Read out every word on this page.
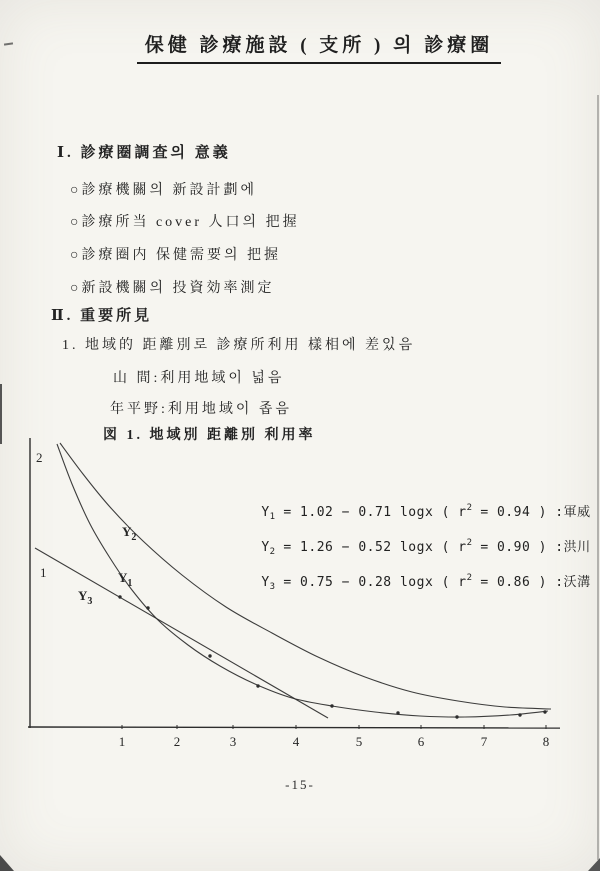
保健 診療施設 ( 支所 ) 의 診療圈
Ⅰ. 診療圈調査의 意義
○診療機關의 新設計劃에
○診療所当 cover 人口의 把握
○診療圈内 保健需要의 把握
○新設機關의 投資効率測定
Ⅱ. 重要所見
1. 地域的 距離別로 診療所利用 樣相에 差있음
山 間:利用地域이 넓음
年平野:利用地域이 좁음
図 1. 地域別 距離別 利用率

$Y_1 = 1.02 - 0.71$ logx ( $r^2 = 0.94$ ) :軍威

$Y_2 = 1.26 - 0.52$ logx ( $r^2 = 0.90$ ) :洪川

$Y_3 = 0.75 - 0.28$ logx ( $r^2 = 0.86$ ) :沃溝

1	2	3	4	5	6	7	8
2
1
$Y_2$
$Y_1$
$Y_3$
-15-
